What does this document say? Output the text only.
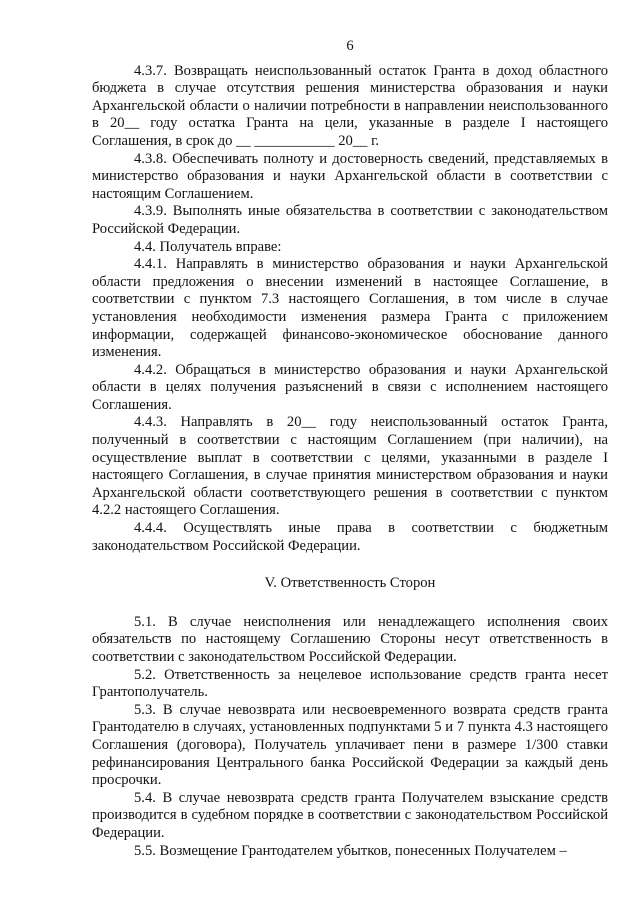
6

4.3.7. Возвращать неиспользованный остаток Гранта в доход областного бюджета в случае отсутствия решения министерства образования и науки Архангельской области о наличии потребности в направлении неиспользованного в 20__ году остатка Гранта на цели, указанные в разделе I настоящего Соглашения, в срок до __ ___________ 20__ г.

4.3.8. Обеспечивать полноту и достоверность сведений, представляемых в министерство образования и науки Архангельской области в соответствии с настоящим Соглашением.

4.3.9. Выполнять иные обязательства в соответствии с законодательством Российской Федерации.

4.4. Получатель вправе:

4.4.1. Направлять в министерство образования и науки Архангельской области предложения о внесении изменений в настоящее Соглашение, в соответствии с пунктом 7.3 настоящего Соглашения, в том числе в случае установления необходимости изменения размера Гранта с приложением информации, содержащей финансово-экономическое обоснование данного изменения.

4.4.2. Обращаться в министерство образования и науки Архангельской области в целях получения разъяснений в связи с исполнением настоящего Соглашения.

4.4.3. Направлять в 20__ году неиспользованный остаток Гранта, полученный в соответствии с настоящим Соглашением (при наличии), на осуществление выплат в соответствии с целями, указанными в разделе I настоящего Соглашения, в случае принятия министерством образования и науки Архангельской области соответствующего решения в соответствии с пунктом 4.2.2 настоящего Соглашения.

4.4.4. Осуществлять иные права в соответствии с бюджетным законодательством Российской Федерации.

V. Ответственность Сторон

5.1. В случае неисполнения или ненадлежащего исполнения своих обязательств по настоящему Соглашению Стороны несут ответственность в соответствии с законодательством Российской Федерации.

5.2. Ответственность за нецелевое использование средств гранта несет Грантополучатель.

5.3. В случае невозврата или несвоевременного возврата средств гранта Грантодателю в случаях, установленных подпунктами 5 и 7 пункта 4.3 настоящего Соглашения (договора), Получатель уплачивает пени в размере 1/300 ставки рефинансирования Центрального банка Российской Федерации за каждый день просрочки.

5.4. В случае невозврата средств гранта Получателем взыскание средств производится в судебном порядке в соответствии с законодательством Российской Федерации.

5.5. Возмещение Грантодателем убытков, понесенных Получателем –
